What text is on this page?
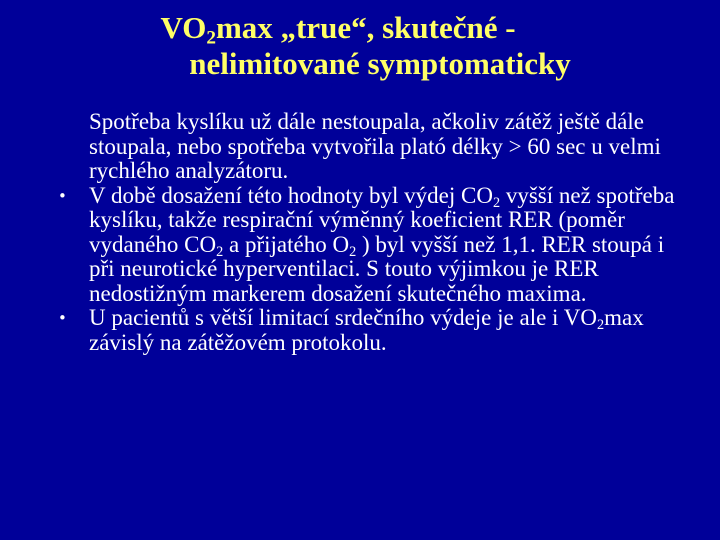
$VO_2\max$ „true“, skutečné -
nelimitované symptomaticky
Spotřeba kyslíku už dále nestoupala, ačkoliv zátěž ještě dále stoupala, nebo spotřeba vytvořila plató délky > 60 sec u velmi rychlého analyzátoru.
• V době dosažení této hodnoty byl výdej $CO_2$ vyšší než spotřeba kyslíku, takže respirační výměnný koeficient RER (poměr vydaného $CO_2$ a přijatého $O_2$ ) byl vyšší než 1,1. RER stoupá i při neurotické hyperventilaci. S touto výjimkou je RER nedostižným markerem dosažení skutečného maxima.
• U pacientů s větší limitací srdečního výdeje je ale i $VO_2\max$ závislý na zátěžovém protokolu.
